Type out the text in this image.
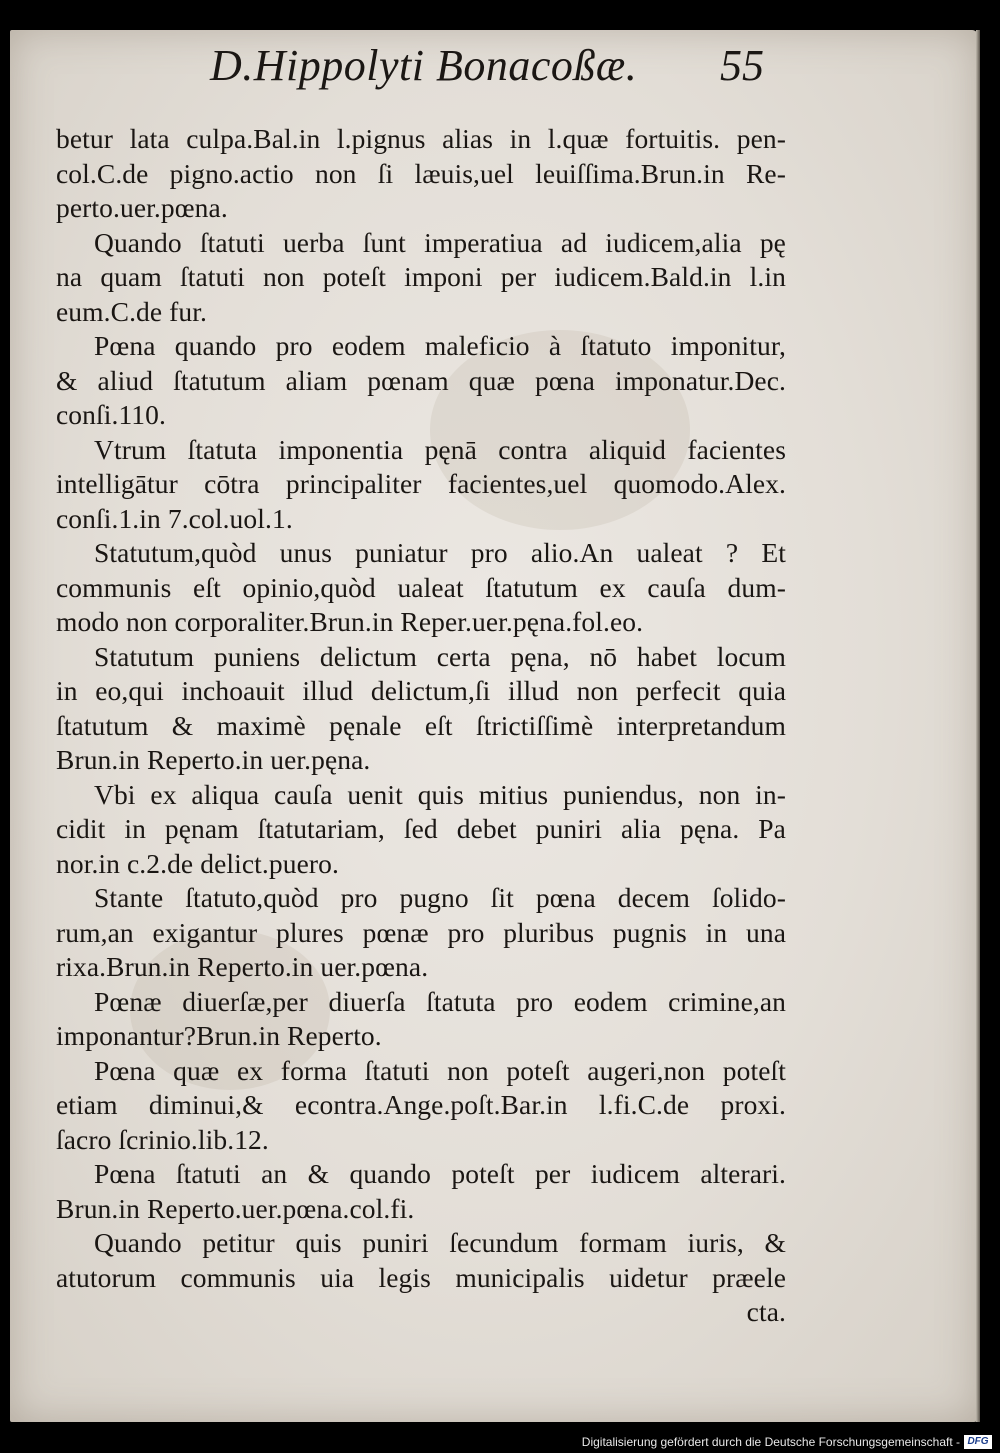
D.Hippolyti Bonacoßæ. 55
betur lata culpa.Bal.in l.pignus alias in l.quæ fortuitis. pen-
col.C.de pigno.actio non ſi læuis,uel leuiſſima.Brun.in Re-
perto.uer.pœna.
Quando ſtatuti uerba ſunt imperatiua ad iudicem,alia pę
na quam ſtatuti non poteſt imponi per iudicem.Bald.in l.in
eum.C.de fur.
Pœna quando pro eodem maleficio à ſtatuto imponitur,
& aliud ſtatutum aliam pœnam quæ pœna imponatur.Dec.
conſi.110.
Vtrum ſtatuta imponentia pęnā contra aliquid facientes
intelligātur cōtra principaliter facientes,uel quomodo.Alex.
conſi.1.in 7.col.uol.1.
Statutum,quòd unus puniatur pro alio.An ualeat ? Et
communis eſt opinio,quòd ualeat ſtatutum ex cauſa dum-
modo non corporaliter.Brun.in Reper.uer.pęna.fol.eo.
Statutum puniens delictum certa pęna, nō habet locum
in eo,qui inchoauit illud delictum,ſi illud non perfecit quia
ſtatutum & maximè pęnale eſt ſtrictiſſimè interpretandum
Brun.in Reperto.in uer.pęna.
Vbi ex aliqua cauſa uenit quis mitius puniendus, non in-
cidit in pęnam ſtatutariam, ſed debet puniri alia pęna. Pa
nor.in c.2.de delict.puero.
Stante ſtatuto,quòd pro pugno ſit pœna decem ſolido-
rum,an exigantur plures pœnæ pro pluribus pugnis in una
rixa.Brun.in Reperto.in uer.pœna.
Pœnæ diuerſæ,per diuerſa ſtatuta pro eodem crimine,an
imponantur?Brun.in Reperto.
Pœna quæ ex forma ſtatuti non poteſt augeri,non poteſt
etiam diminui,& econtra.Ange.poſt.Bar.in l.fi.C.de proxi.
ſacro ſcrinio.lib.12.
Pœna ſtatuti an & quando poteſt per iudicem alterari.
Brun.in Reperto.uer.pœna.col.fi.
Quando petitur quis puniri ſecundum formam iuris, &
atutorum communis uia legis municipalis uidetur præele
cta.
Digitalisierung gefördert durch die Deutsche Forschungsgemeinschaft - DFG
